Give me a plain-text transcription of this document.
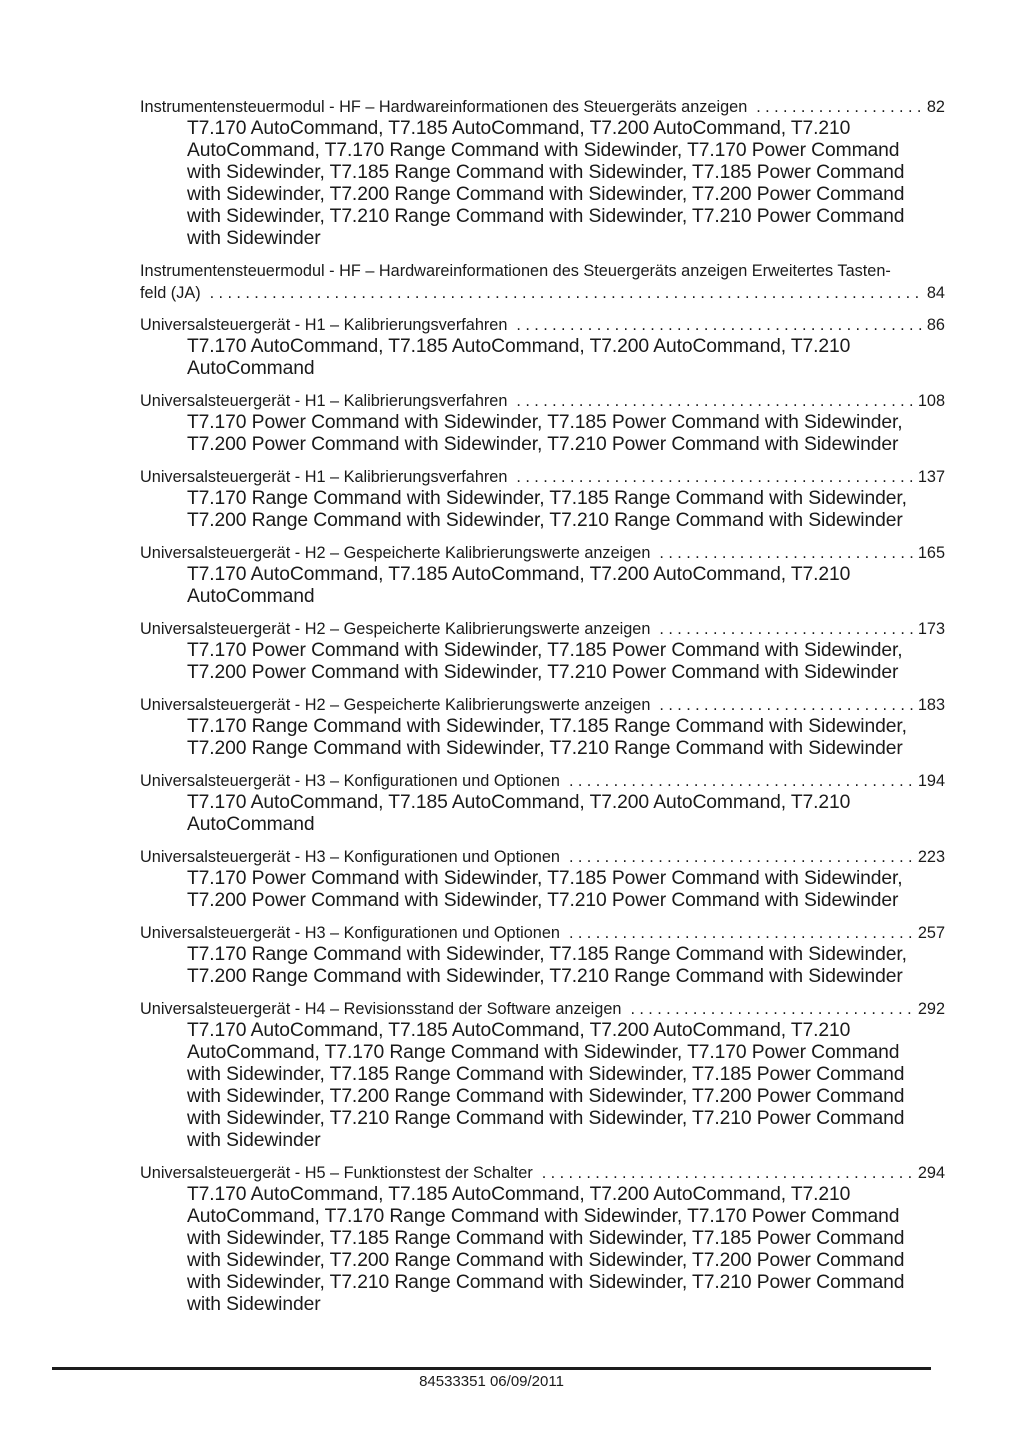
Instrumentensteuermodul - HF – Hardwareinformationen des Steuergeräts anzeigen .....	82
T7.170 AutoCommand, T7.185 AutoCommand, T7.200 AutoCommand, T7.210
AutoCommand, T7.170 Range Command with Sidewinder, T7.170 Power Command
with Sidewinder, T7.185 Range Command with Sidewinder, T7.185 Power Command
with Sidewinder, T7.200 Range Command with Sidewinder, T7.200 Power Command
with Sidewinder, T7.210 Range Command with Sidewinder, T7.210 Power Command
with Sidewinder
Instrumentensteuermodul - HF – Hardwareinformationen des Steuergeräts anzeigen Erweitertes Tasten-
feld (JA) .....	84
Universalsteuergerät - H1 – Kalibrierungsverfahren .....	86
T7.170 AutoCommand, T7.185 AutoCommand, T7.200 AutoCommand, T7.210
AutoCommand
Universalsteuergerät - H1 – Kalibrierungsverfahren .....	108
T7.170 Power Command with Sidewinder, T7.185 Power Command with Sidewinder,
T7.200 Power Command with Sidewinder, T7.210 Power Command with Sidewinder
Universalsteuergerät - H1 – Kalibrierungsverfahren .....	137
T7.170 Range Command with Sidewinder, T7.185 Range Command with Sidewinder,
T7.200 Range Command with Sidewinder, T7.210 Range Command with Sidewinder
Universalsteuergerät - H2 – Gespeicherte Kalibrierungswerte anzeigen .....	165
T7.170 AutoCommand, T7.185 AutoCommand, T7.200 AutoCommand, T7.210
AutoCommand
Universalsteuergerät - H2 – Gespeicherte Kalibrierungswerte anzeigen .....	173
T7.170 Power Command with Sidewinder, T7.185 Power Command with Sidewinder,
T7.200 Power Command with Sidewinder, T7.210 Power Command with Sidewinder
Universalsteuergerät - H2 – Gespeicherte Kalibrierungswerte anzeigen .....	183
T7.170 Range Command with Sidewinder, T7.185 Range Command with Sidewinder,
T7.200 Range Command with Sidewinder, T7.210 Range Command with Sidewinder
Universalsteuergerät - H3 – Konfigurationen und Optionen .....	194
T7.170 AutoCommand, T7.185 AutoCommand, T7.200 AutoCommand, T7.210
AutoCommand
Universalsteuergerät - H3 – Konfigurationen und Optionen .....	223
T7.170 Power Command with Sidewinder, T7.185 Power Command with Sidewinder,
T7.200 Power Command with Sidewinder, T7.210 Power Command with Sidewinder
Universalsteuergerät - H3 – Konfigurationen und Optionen .....	257
T7.170 Range Command with Sidewinder, T7.185 Range Command with Sidewinder,
T7.200 Range Command with Sidewinder, T7.210 Range Command with Sidewinder
Universalsteuergerät - H4 – Revisionsstand der Software anzeigen .....	292
T7.170 AutoCommand, T7.185 AutoCommand, T7.200 AutoCommand, T7.210
AutoCommand, T7.170 Range Command with Sidewinder, T7.170 Power Command
with Sidewinder, T7.185 Range Command with Sidewinder, T7.185 Power Command
with Sidewinder, T7.200 Range Command with Sidewinder, T7.200 Power Command
with Sidewinder, T7.210 Range Command with Sidewinder, T7.210 Power Command
with Sidewinder
Universalsteuergerät - H5 – Funktionstest der Schalter .....	294
T7.170 AutoCommand, T7.185 AutoCommand, T7.200 AutoCommand, T7.210
AutoCommand, T7.170 Range Command with Sidewinder, T7.170 Power Command
with Sidewinder, T7.185 Range Command with Sidewinder, T7.185 Power Command
with Sidewinder, T7.200 Range Command with Sidewinder, T7.200 Power Command
with Sidewinder, T7.210 Range Command with Sidewinder, T7.210 Power Command
with Sidewinder
84533351 06/09/2011
